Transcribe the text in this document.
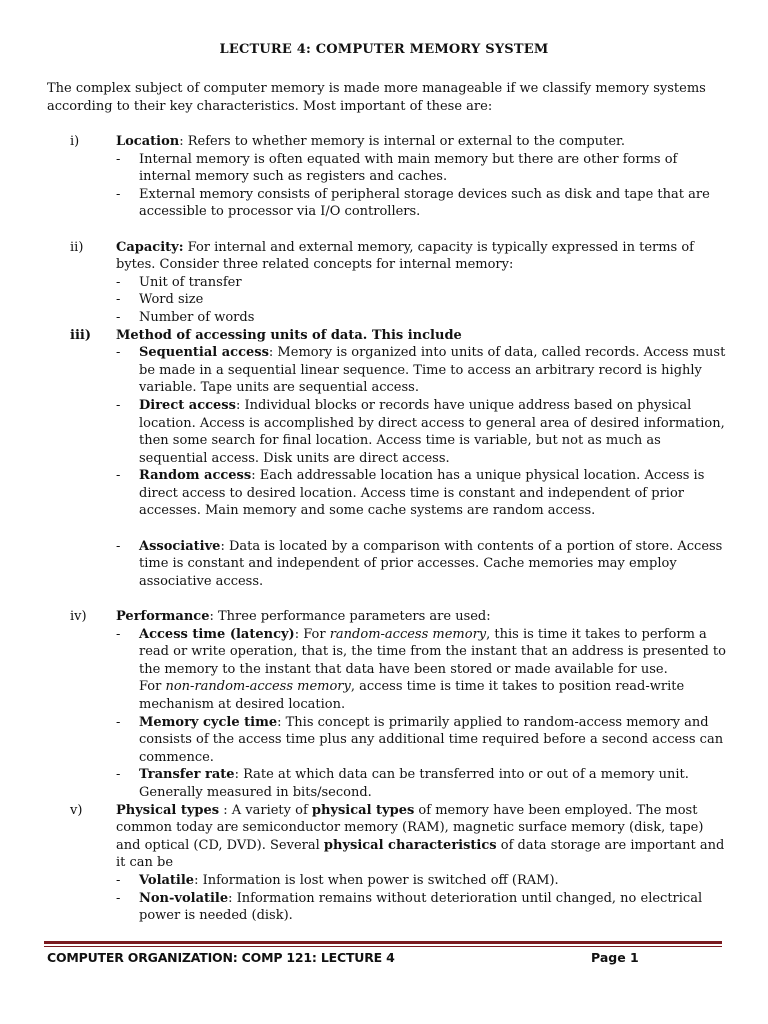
LECTURE 4: COMPUTER MEMORY SYSTEM
The complex subject of computer memory is made more manageable if we classify memory systems according to their key characteristics. Most important of these are:
i)	Location: Refers to whether memory is internal or external to the computer.
- Internal memory is often equated with main memory but there are other forms of internal memory such as registers and caches.
- External memory consists of peripheral storage devices such as disk and tape that are accessible to processor via I/O controllers.
ii)	Capacity: For internal and external memory, capacity is typically expressed in terms of bytes. Consider three related concepts for internal memory:
- Unit of transfer
- Word size
- Number of words
iii) Method of accessing units of data. This include
- Sequential access: Memory is organized into units of data, called records. Access must be made in a sequential linear sequence. Time to access an arbitrary record is highly variable. Tape units are sequential access.
- Direct access: Individual blocks or records have unique address based on physical location. Access is accomplished by direct access to general area of desired information, then some search for final location. Access time is variable, but not as much as sequential access. Disk units are direct access.
- Random access: Each addressable location has a unique physical location. Access is direct access to desired location. Access time is constant and independent of prior accesses. Main memory and some cache systems are random access.
- Associative: Data is located by a comparison with contents of a portion of store. Access time is constant and independent of prior accesses. Cache memories may employ associative access.
iv) Performance: Three performance parameters are used:
- Access time (latency): For random-access memory, this is time it takes to perform a read or write operation, that is, the time from the instant that an address is presented to the memory to the instant that data have been stored or made available for use.
For non-random-access memory, access time is time it takes to position read-write mechanism at desired location.
- Memory cycle time: This concept is primarily applied to random-access memory and consists of the access time plus any additional time required before a second access can commence.
- Transfer rate: Rate at which data can be transferred into or out of a memory unit. Generally measured in bits/second.
v)	Physical types : A variety of physical types of memory have been employed. The most common today are semiconductor memory (RAM), magnetic surface memory (disk, tape) and optical (CD, DVD). Several physical characteristics of data storage are important and it can be
- Volatile: Information is lost when power is switched off (RAM).
- Non-volatile: Information remains without deterioration until changed, no electrical power is needed (disk).
COMPUTER ORGANIZATION: COMP 121: LECTURE 4	Page 1
